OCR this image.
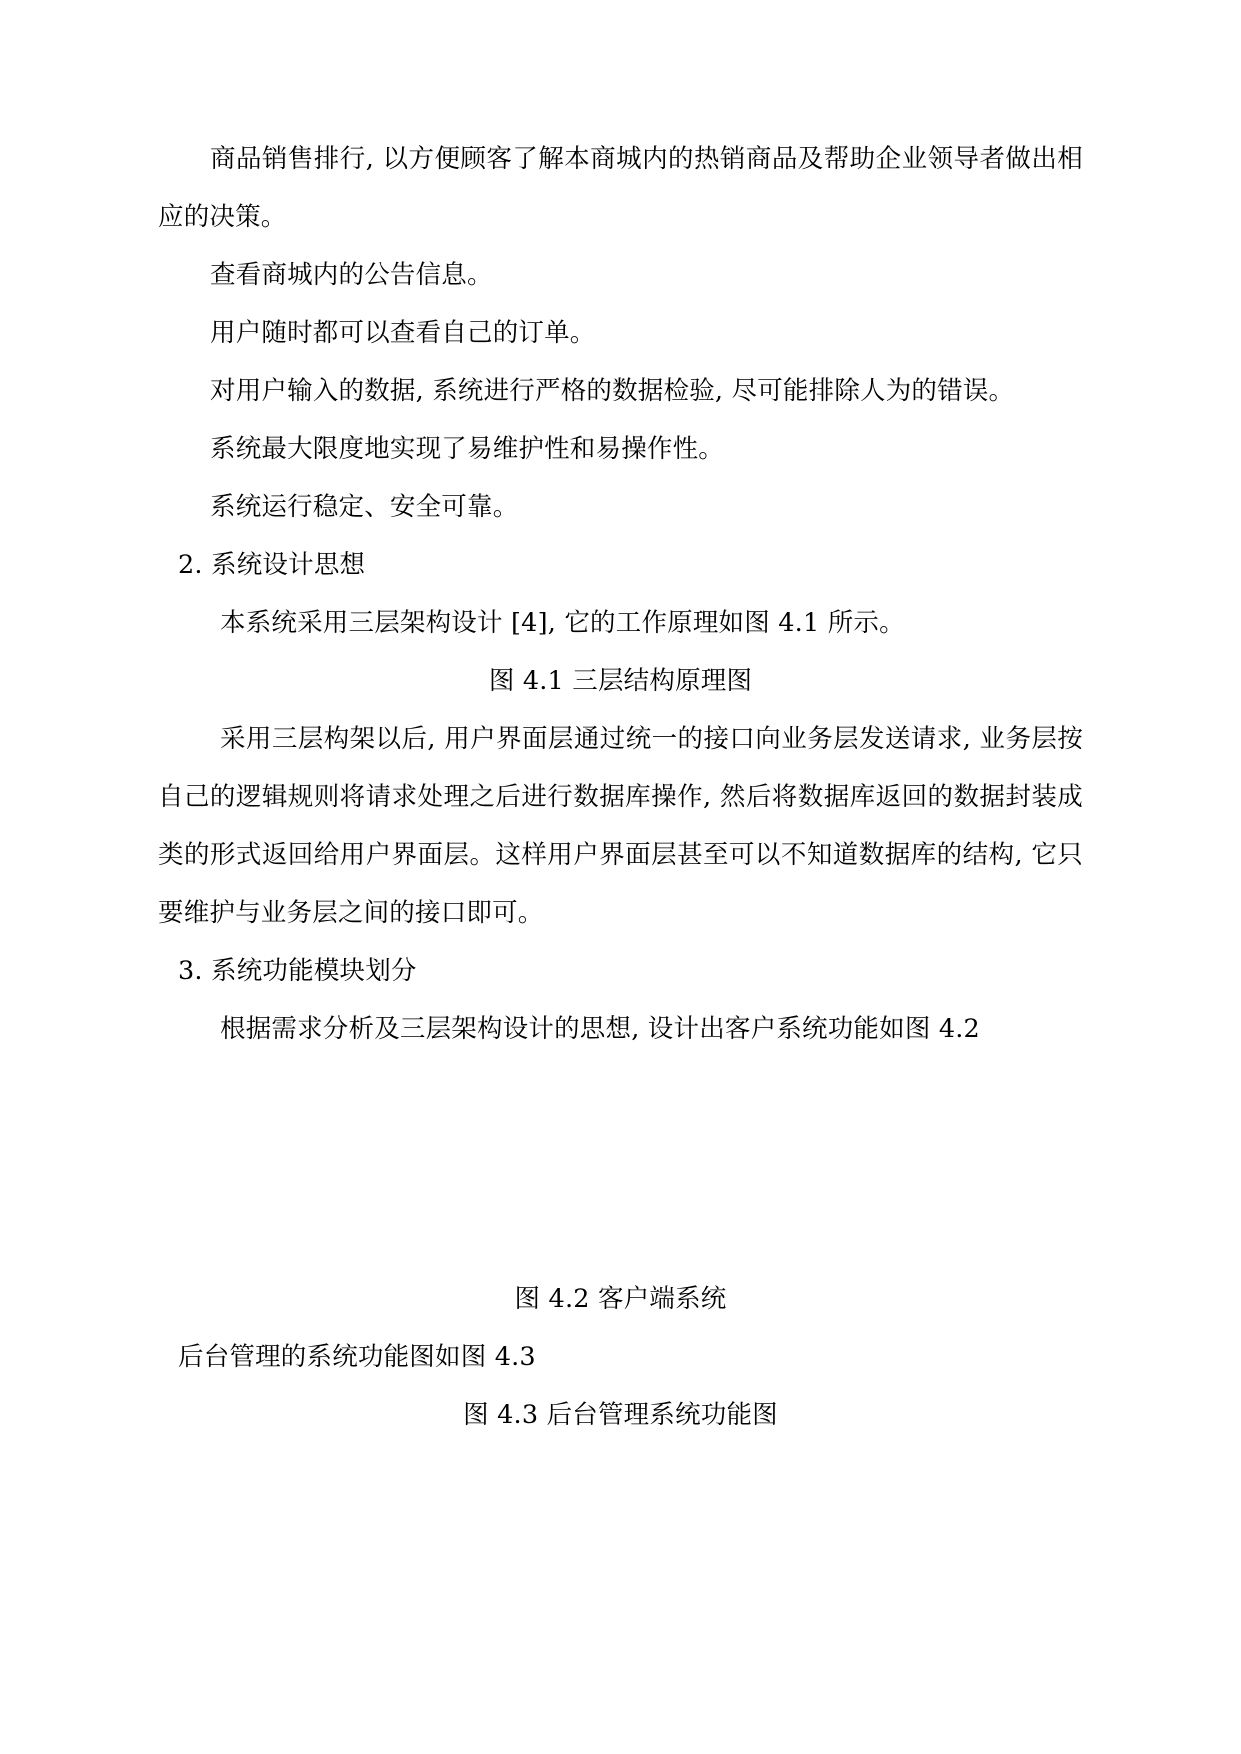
商品销售排行, 以方便顾客了解本商城内的热销商品及帮助企业领导者做出相应的决策。

查看商城内的公告信息。

用户随时都可以查看自己的订单。

对用户输入的数据, 系统进行严格的数据检验, 尽可能排除人为的错误。

系统最大限度地实现了易维护性和易操作性。

系统运行稳定、安全可靠。

2. 系统设计思想

本系统采用三层架构设计 [4], 它的工作原理如图 4.1 所示。

图 4.1 三层结构原理图

采用三层构架以后, 用户界面层通过统一的接口向业务层发送请求, 业务层按自己的逻辑规则将请求处理之后进行数据库操作, 然后将数据库返回的数据封装成类的形式返回给用户界面层。这样用户界面层甚至可以不知道数据库的结构, 它只要维护与业务层之间的接口即可。

3. 系统功能模块划分

根据需求分析及三层架构设计的思想, 设计出客户系统功能如图 4.2

图 4.2 客户端系统

后台管理的系统功能图如图 4.3

图 4.3 后台管理系统功能图
